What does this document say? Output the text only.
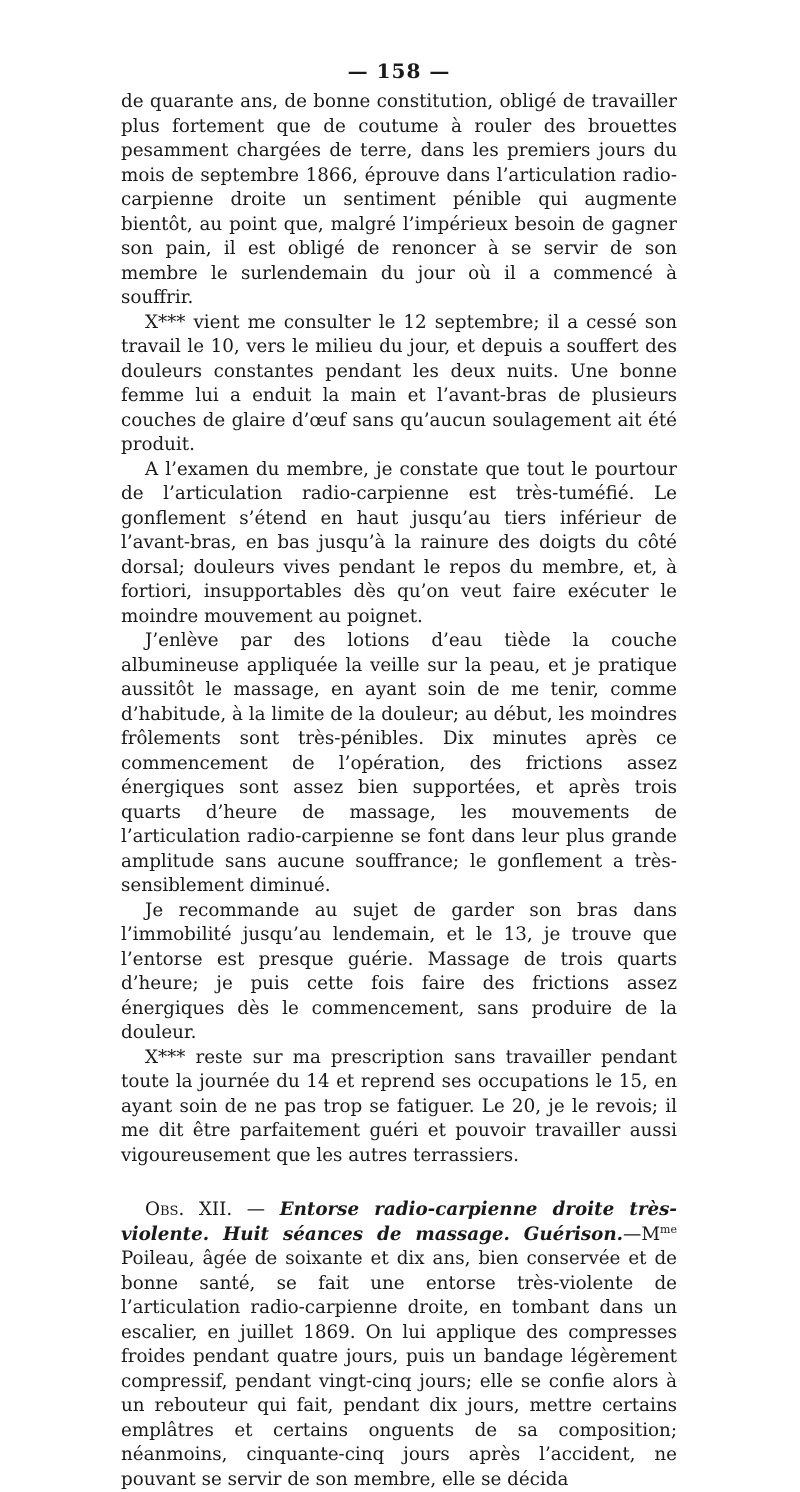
— 158 —

de quarante ans, de bonne constitution, obligé de travailler plus fortement que de coutume à rouler des brouettes pesamment chargées de terre, dans les premiers jours du mois de septembre 1866, éprouve dans l’articulation radio-carpienne droite un sentiment pénible qui augmente bientôt, au point que, malgré l’impérieux besoin de gagner son pain, il est obligé de renoncer à se servir de son membre le surlendemain du jour où il a commencé à souffrir.

X*** vient me consulter le 12 septembre; il a cessé son travail le 10, vers le milieu du jour, et depuis a souffert des douleurs constantes pendant les deux nuits. Une bonne femme lui a enduit la main et l’avant-bras de plusieurs couches de glaire d’œuf sans qu’aucun soulagement ait été produit.

A l’examen du membre, je constate que tout le pourtour de l’articulation radio-carpienne est très-tuméfié. Le gonflement s’étend en haut jusqu’au tiers inférieur de l’avant-bras, en bas jusqu’à la rainure des doigts du côté dorsal; douleurs vives pendant le repos du membre, et, à fortiori, insupportables dès qu’on veut faire exécuter le moindre mouvement au poignet.

J’enlève par des lotions d’eau tiède la couche albumineuse appliquée la veille sur la peau, et je pratique aussitôt le massage, en ayant soin de me tenir, comme d’habitude, à la limite de la douleur; au début, les moindres frôlements sont très-pénibles. Dix minutes après ce commencement de l’opération, des frictions assez énergiques sont assez bien supportées, et après trois quarts d’heure de massage, les mouvements de l’articulation radio-carpienne se font dans leur plus grande amplitude sans aucune souffrance; le gonflement a très-sensiblement diminué.

Je recommande au sujet de garder son bras dans l’immobilité jusqu’au lendemain, et le 13, je trouve que l’entorse est presque guérie. Massage de trois quarts d’heure; je puis cette fois faire des frictions assez énergiques dès le commencement, sans produire de la douleur.

X*** reste sur ma prescription sans travailler pendant toute la journée du 14 et reprend ses occupations le 15, en ayant soin de ne pas trop se fatiguer. Le 20, je le revois; il me dit être parfaitement guéri et pouvoir travailler aussi vigoureusement que les autres terrassiers.

Obs. XII. — Entorse radio-carpienne droite très-violente. Huit séances de massage. $Guérison.—M^{me}$ Poileau, âgée de soixante et dix ans, bien conservée et de bonne santé, se fait une entorse très-violente de l’articulation radio-carpienne droite, en tombant dans un escalier, en juillet 1869. On lui applique des compresses froides pendant quatre jours, puis un bandage légèrement compressif, pendant vingt-cinq jours; elle se confie alors à un rebouteur qui fait, pendant dix jours, mettre certains emplâtres et certains onguents de sa composition; néanmoins, cinquante-cinq jours après l’accident, ne pouvant se servir de son membre, elle se décida
